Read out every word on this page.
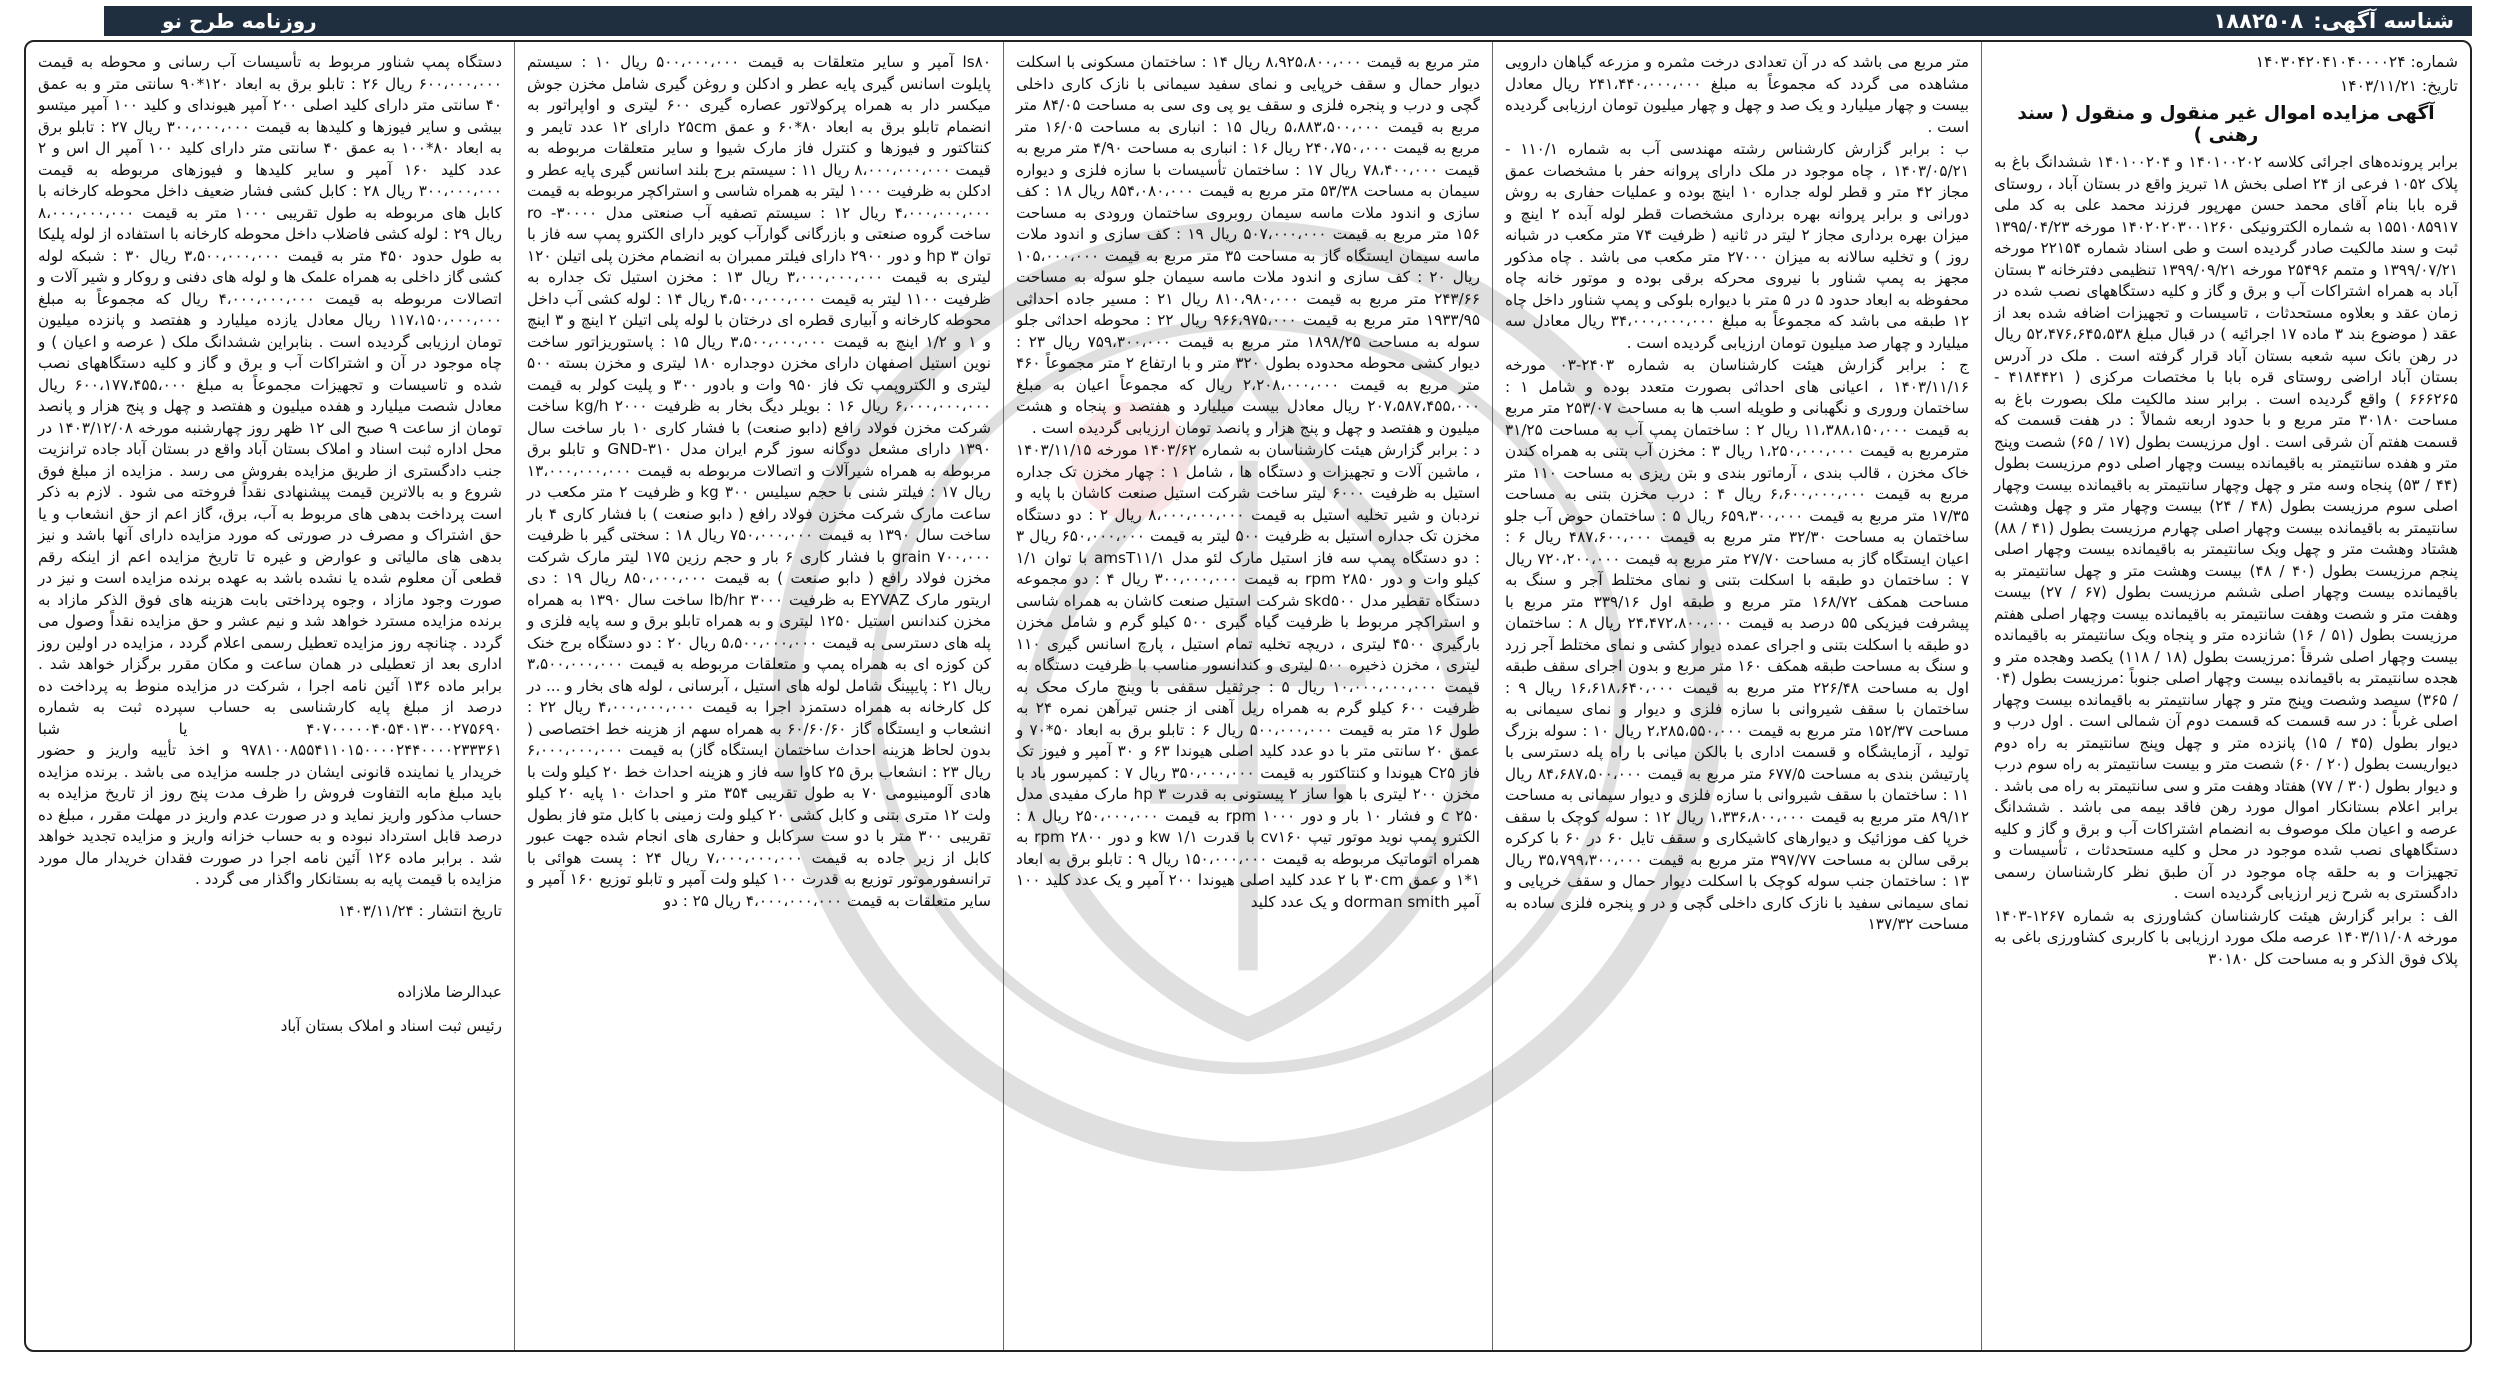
شناسه آگهی:
۱۸۸۲۵۰۸
روزنامه طرح نو
شماره: ۱۴۰۳۰۴۲۰۴۱۰۴۰۰۰۰۲۴
تاریخ: ۱۴۰۳/۱۱/۲۱
آگهی مزایده اموال غیر منقول و منقول ( سند رهنی )

برابر پرونده‌های اجرائی کلاسه ۱۴۰۱۰۰۲۰۲ و ۱۴۰۱۰۰۲۰۴ ششدانگ باغ به پلاک ۱۰۵۲ فرعی از ۲۴ اصلی بخش ۱۸ تبریز واقع در بستان آباد ، روستای قره بابا بنام آقای محمد حسن مهرپور فرزند محمد علی به کد ملی ۱۵۵۱۰۸۵۹۱۷ به شماره الکترونیکی ۱۴۰۲۰۲۰۳۰۰۱۲۶۰ مورخه ۱۳۹۵/۰۴/۲۳ ثبت و سند مالکیت صادر گردیده است و طی اسناد شماره ۲۲۱۵۴ مورخه ۱۳۹۹/۰۷/۲۱ و متمم ۲۵۴۹۶ مورخه ۱۳۹۹/۰۹/۲۱ تنظیمی دفترخانه ۳ بستان آباد به همراه اشتراکات آب و برق و گاز و کلیه دستگاههای نصب شده در زمان عقد و بعلاوه مستحدثات ، تاسیسات و تجهیزات اضافه شده بعد از عقد ( موضوع بند ۳ ماده ۱۷ اجرائیه ) در قبال مبلغ ۵۲،۴۷۶،۶۴۵،۵۳۸ ریال در رهن بانک سپه شعبه بستان آباد قرار گرفته است . ملک در آدرس بستان آباد اراضی روستای قره بابا با مختصات مرکزی ( ۴۱۸۴۴۲۱ - ۶۶۶۲۶۵ ) واقع گردیده است . برابر سند مالکیت ملک بصورت باغ به مساحت ۳۰۱۸۰ متر مربع و با حدود اربعه شمالاً : در هفت قسمت که قسمت هفتم آن شرقی است . اول مرزیست بطول (۱۷ / ۶۵) شصت وپنج متر و هفده سانتیمتر به باقیمانده بیست وچهار اصلی دوم مرزیست بطول (۴۴ / ۵۳) پنجاه وسه متر و چهل وچهار سانتیمتر به باقیمانده بیست وچهار اصلی سوم مرزیست بطول (۴۸ / ۲۴) بیست وچهار متر و چهل وهشت سانتیمتر به باقیمانده بیست وچهار اصلی چهارم مرزیست بطول (۴۱ / ۸۸) هشتاد وهشت متر و چهل ویک سانتیمتر به باقیمانده بیست وچهار اصلی پنجم مرزیست بطول (۴۰ / ۴۸) بیست وهشت متر و چهل سانتیمتر به باقیمانده بیست وچهار اصلی ششم مرزیست بطول (۶۷ / ۲۷) بیست وهفت متر و شصت وهفت سانتیمتر به باقیمانده بیست وچهار اصلی هفتم مرزیست بطول (۵۱ / ۱۶) شانزده متر و پنجاه ویک سانتیمتر به باقیمانده بیست وچهار اصلی شرقاً :مرزیست بطول (۱۸ / ۱۱۸) یکصد وهجده متر و هجده سانتیمتر به باقیمانده بیست وچهار اصلی جنوباً :مرزیست بطول (۰۴ / ۳۶۵) سیصد وشصت وپنج متر و چهار سانتیمتر به باقیمانده بیست وچهار اصلی غرباً : در سه قسمت که قسمت دوم آن شمالی است . اول درب و دیوار بطول (۴۵ / ۱۵) پانزده متر و چهل وپنج سانتیمتر به راه دوم دیواریست بطول (۲۰ / ۶۰) شصت متر و بیست سانتیمتر به راه سوم درب و دیوار بطول (۳۰ / ۷۷) هفتاد وهفت متر و سی سانتیمتر به راه می باشد . برابر اعلام بستانکار اموال مورد رهن فاقد بیمه می باشد . ششدانگ عرصه و اعیان ملک موصوف به انضمام اشتراکات آب و برق و گاز و کلیه دستگاههای نصب شده موجود در محل و کلیه مستحدثات ، تأسیسات و تجهیزات و به حلقه چاه موجود در آن طبق نظر کارشناسان رسمی دادگستری به شرح زیر ارزیابی گردیده است .

الف : برابر گزارش هیئت کارشناسان کشاورزی به شماره ۱۲۶۷-۱۴۰۳ مورخه ۱۴۰۳/۱۱/۰۸ عرصه ملک مورد ارزیابی با کاربری کشاورزی باغی به پلاک فوق الذکر و به مساحت کل ۳۰۱۸۰

متر مربع می باشد که در آن تعدادی درخت مثمره و مزرعه گیاهان دارویی مشاهده می گردد که مجموعاً به مبلغ ۲۴۱،۴۴۰،۰۰۰،۰۰۰ ریال معادل بیست و چهار میلیارد و یک صد و چهل و چهار میلیون تومان ارزیابی گردیده است .

ب : برابر گزارش کارشناس رشته مهندسی آب به شماره ۱۱۰/۱ - ۱۴۰۳/۰۵/۲۱ ، چاه موجود در ملک دارای پروانه حفر با مشخصات عمق مجاز ۴۲ متر و قطر لوله جداره ۱۰ اینچ بوده و عملیات حفاری به روش دورانی و برابر پروانه بهره برداری مشخصات قطر لوله آبده ۲ اینچ و میزان بهره برداری مجاز ۲ لیتر در ثانیه ( ظرفیت ۷۴ متر مکعب در شبانه روز ) و تخلیه سالانه به میزان ۲۷۰۰۰ متر مکعب می باشد . چاه مذکور مجهز به پمپ شناور با نیروی محرکه برقی بوده و موتور خانه چاه محفوظه به ابعاد حدود ۵ در ۵ متر با دیواره بلوکی و پمپ شناور داخل چاه ۱۲ طبقه می باشد که مجموعاً به مبلغ ۳۴،۰۰۰،۰۰۰،۰۰۰ ریال معادل سه میلیارد و چهار صد میلیون تومان ارزیابی گردیده است .

ج : برابر گزارش هیئت کارشناسان به شماره ۲۴۰۳-۰۳ مورخه ۱۴۰۳/۱۱/۱۶ ، اعیانی های احداثی بصورت متعدد بوده و شامل ۱ : ساختمان وروری و نگهبانی و طویله اسب ها به مساحت ۲۵۳/۰۷ متر مربع به قیمت ۱۱،۳۸۸،۱۵۰،۰۰۰ ریال ۲ : ساختمان پمپ آب به مساحت ۳۱/۲۵ مترمربع به قیمت ۱،۲۵۰،۰۰۰،۰۰۰ ریال ۳ : مخزن آب بتنی به همراه کندن خاک مخزن ، قالب بندی ، آرماتور بندی و بتن ریزی به مساحت ۱۱۰ متر مربع به قیمت ۶،۶۰۰،۰۰۰،۰۰۰ ریال ۴ : درب مخزن بتنی به مساحت ۱۷/۳۵ متر مربع به قیمت ۶۵۹،۳۰۰،۰۰۰ ریال ۵ : ساختمان حوض آب جلو ساختمان به مساحت ۳۲/۳۰ متر مربع به قیمت ۴۸۷،۶۰۰،۰۰۰ ریال ۶ : اعیان ایستگاه گاز به مساحت ۲۷/۷۰ متر مربع به قیمت ۷۲۰،۲۰۰،۰۰۰ ریال ۷ : ساختمان دو طبقه با اسکلت بتنی و نمای مختلط آجر و سنگ به مساحت همکف ۱۶۸/۷۲ متر مربع و طبقه اول ۳۳۹/۱۶ متر مربع با پیشرفت فیزیکی ۵۵ درصد به قیمت ۲۴،۴۷۲،۸۰۰،۰۰۰ ریال ۸ : ساختمان دو طبقه با اسکلت بتنی و اجرای عمده دیوار کشی و نمای مختلط آجر زرد و سنگ به مساحت طبقه همکف ۱۶۰ متر مربع و بدون اجرای سقف طبقه اول به مساحت ۲۲۶/۴۸ متر مربع به قیمت ۱۶،۶۱۸،۶۴۰،۰۰۰ ریال ۹ : ساختمان با سقف شیروانی با سازه فلزی و دیوار و نمای سیمانی به مساحت ۱۵۲/۳۷ متر مربع به قیمت ۲،۲۸۵،۵۵۰،۰۰۰ ریال ۱۰ : سوله بزرگ تولید ، آزمایشگاه و قسمت اداری با بالکن میانی با راه پله دسترسی با پارتیشن بندی به مساحت ۶۷۷/۵ متر مربع به قیمت ۸۴،۶۸۷،۵۰۰،۰۰۰ ریال ۱۱ : ساختمان با سقف شیروانی با سازه فلزی و دیوار سیمانی به مساحت ۸۹/۱۲ متر مربع به قیمت ۱،۳۳۶،۸۰۰،۰۰۰ ریال ۱۲ : سوله کوچک با سقف خرپا کف موزائیک و دیوارهای کاشیکاری و سقف تایل ۶۰ در ۶۰ با کرکره برقی سالن به مساحت ۳۹۷/۷۷ متر مربع به قیمت ۳۵،۷۹۹،۳۰۰،۰۰۰ ریال ۱۳ : ساختمان جنب سوله کوچک با اسکلت دیوار حمال و سقف خرپایی و نمای سیمانی سفید با نازک کاری داخلی گچی و در و پنجره فلزی ساده به مساحت ۱۳۷/۳۲

متر مربع به قیمت ۸،۹۲۵،۸۰۰،۰۰۰ ریال ۱۴ : ساختمان مسکونی با اسکلت دیوار حمال و سقف خرپایی و نمای سفید سیمانی با نازک کاری داخلی گچی و درب و پنجره فلزی و سقف یو پی وی سی به مساحت ۸۴/۰۵ متر مربع به قیمت ۵،۸۸۳،۵۰۰،۰۰۰ ریال ۱۵ : انباری به مساحت ۱۶/۰۵ متر مربع به قیمت ۲۴۰،۷۵۰،۰۰۰ ریال ۱۶ : انباری به مساحت ۴/۹۰ متر مربع به قیمت ۷۸،۴۰۰،۰۰۰ ریال ۱۷ : ساختمان تأسیسات با سازه فلزی و دیواره سیمان به مساحت ۵۳/۳۸ متر مربع به قیمت ۸۵۴،۰۸۰،۰۰۰ ریال ۱۸ : کف سازی و اندود ملات ماسه سیمان روبروی ساختمان ورودی به مساحت ۱۵۶ متر مربع به قیمت ۵۰۷،۰۰۰،۰۰۰ ریال ۱۹ : کف سازی و اندود ملات ماسه سیمان ایستگاه گاز به مساحت ۳۵ متر مربع به قیمت ۱۰۵،۰۰۰،۰۰۰ ریال ۲۰ : کف سازی و اندود ملات ماسه سیمان جلو سوله به مساحت ۲۴۳/۶۶ متر مربع به قیمت ۸۱۰،۹۸۰،۰۰۰ ریال ۲۱ : مسیر جاده احداثی ۱۹۳۳/۹۵ متر مربع به قیمت ۹۶۶،۹۷۵،۰۰۰ ریال ۲۲ : محوطه احداثی جلو سوله به مساحت ۱۸۹۸/۲۵ متر مربع به قیمت ۷۵۹،۳۰۰،۰۰۰ ریال ۲۳ : دیوار کشی محوطه محدوده بطول ۳۲۰ متر و با ارتفاع ۲ متر مجموعاً ۴۶۰ متر مربع به قیمت ۲،۲۰۸،۰۰۰،۰۰۰ ریال که مجموعاً اعیان به مبلغ ۲۰۷،۵۸۷،۴۵۵،۰۰۰ ریال معادل بیست میلیارد و هفتصد و پنجاه و هشت میلیون و هفتصد و چهل و پنج هزار و پانصد تومان ارزیابی گردیده است .

د : برابر گزارش هیئت کارشناسان به شماره ۱۴۰۳/۶۲ مورخه ۱۴۰۳/۱۱/۱۵ ، ماشین آلات و تجهیزات و دستگاه ها ، شامل ۱ : چهار مخزن تک جداره استیل به ظرفیت ۶۰۰۰ لیتر ساخت شرکت استیل صنعت کاشان با پایه و نردبان و شیر تخلیه استیل به قیمت ۸،۰۰۰،۰۰۰،۰۰۰ ریال ۲ : دو دستگاه مخزن تک جداره استیل به ظرفیت ۵۰۰ لیتر به قیمت ۶۵۰،۰۰۰،۰۰۰ ریال ۳ : دو دستگاه پمپ سه فاز استیل مارک لئو مدل amsT۱۱/۱ با توان ۱/۱ کیلو وات و دور ۲۸۵۰ rpm به قیمت ۳۰۰،۰۰۰،۰۰۰ ریال ۴ : دو مجموعه دستگاه تقطیر مدل skd۵۰۰ شرکت استیل صنعت کاشان به همراه شاسی و استراکچر مربوط با ظرفیت گیاه گیری ۵۰۰ کیلو گرم و شامل مخزن بارگیری ۴۵۰۰ لیتری ، دریچه تخلیه تمام استیل ، پارچ اسانس گیری ۱۱۰ لیتری ، مخزن ذخیره ۵۰۰ لیتری و کندانسور مناسب با ظرفیت دستگاه به قیمت ۱۰،۰۰۰،۰۰۰،۰۰۰ ریال ۵ : جرثقیل سقفی با وینچ مارک محک به ظرفیت ۶۰۰ کیلو گرم به همراه ریل آهنی از جنس تیرآهن نمره ۲۴ به طول ۱۶ متر به قیمت ۵۰۰،۰۰۰،۰۰۰ ریال ۶ : تابلو برق به ابعاد ۵۰*۷۰ و عمق ۲۰ سانتی متر با دو عدد کلید اصلی هیوندا ۶۳ و ۳۰ آمپر و فیوز تک فاز C۲۵ هیوندا و کنتاکتور به قیمت ۳۵۰،۰۰۰،۰۰۰ ریال ۷ : کمپرسور باد با مخزن ۲۰۰ لیتری با هوا ساز ۲ پیستونی به قدرت hp ۳ مارک مفیدی مدل ۲۵۰ c و فشار ۱۰ بار و دور ۱۰۰۰ rpm به قیمت ۲۵۰،۰۰۰،۰۰۰ ریال ۸ : الکترو پمپ نوید موتور تیپ cv۱۶۰ با قدرت ۱/۱ kw و دور ۲۸۰۰ rpm به همراه اتوماتیک مربوطه به قیمت ۱۵۰،۰۰۰،۰۰۰ ریال ۹ : تابلو برق به ابعاد ۱*۱ و عمق ۳۰cm با ۲ عدد کلید اصلی هیوندا ۲۰۰ آمپر و یک عدد کلید ۱۰۰ آمپر dorman smith و یک عدد کلید

ls۸۰ آمپر و سایر متعلقات به قیمت ۵۰۰،۰۰۰،۰۰۰ ریال ۱۰ : سیستم پایلوت اسانس گیری پایه عطر و ادکلن و روغن گیری شامل مخزن جوش میکسر دار به همراه پرکولاتور عصاره گیری ۶۰۰ لیتری و اواپراتور به انضمام تابلو برق به ابعاد ۸۰*۶۰ و عمق ۲۵cm دارای ۱۲ عدد تایمر و کنتاکتور و فیوزها و کنترل فاز مارک شیوا و سایر متعلقات مربوطه به قیمت ۸،۰۰۰،۰۰۰،۰۰۰ ریال ۱۱ : سیستم برج بلند اسانس گیری پایه عطر و ادکلن به ظرفیت ۱۰۰۰ لیتر به همراه شاسی و استراکچر مربوطه به قیمت ۴،۰۰۰،۰۰۰،۰۰۰ ریال ۱۲ : سیستم تصفیه آب صنعتی مدل ۳۰۰۰۰- ro ساخت گروه صنعتی و بازرگانی گوارآب کویر دارای الکترو پمپ سه فاز با توان ۳ hp و دور ۲۹۰۰ دارای فیلتر ممبران به انضمام مخزن پلی اتیلن ۱۲۰ لیتری به قیمت ۳،۰۰۰،۰۰۰،۰۰۰ ریال ۱۳ : مخزن استیل تک جداره به ظرفیت ۱۱۰۰ لیتر به قیمت ۴،۵۰۰،۰۰۰،۰۰۰ ریال ۱۴ : لوله کشی آب داخل محوطه کارخانه و آبیاری قطره ای درختان با لوله پلی اتیلن ۲ اینچ و ۳ اینچ و ۱ و ۱/۲ اینچ به قیمت ۳،۵۰۰،۰۰۰،۰۰۰ ریال ۱۵ : پاستوریزاتور ساخت نوین استیل اصفهان دارای مخزن دوجداره ۱۸۰ لیتری و مخزن بسته ۵۰۰ لیتری و الکتروپمپ تک فاز ۹۵۰ وات و بادور ۳۰۰ و پلیت کولر به قیمت ۶،۰۰۰،۰۰۰،۰۰۰ ریال ۱۶ : بویلر دیگ بخار به ظرفیت ۲۰۰۰ kg/h ساخت شرکت مخزن فولاد رافع (دابو صنعت) با فشار کاری ۱۰ بار ساخت سال ۱۳۹۰ دارای مشعل دوگانه سوز گرم ایران مدل GND-۳۱۰ و تابلو برق مربوطه به همراه شیرآلات و اتصالات مربوطه به قیمت ۱۳،۰۰۰،۰۰۰،۰۰۰ ریال ۱۷ : فیلتر شنی با حجم سیلیس ۳۰۰ kg و ظرفیت ۲ متر مکعب در ساعت مارک شرکت مخزن فولاد رافع ( دابو صنعت ) با فشار کاری ۴ بار ساخت سال ۱۳۹۰ به قیمت ۷۵۰،۰۰۰،۰۰۰ ریال ۱۸ : سختی گیر با ظرفیت grain ۷۰۰،۰۰۰ با فشار کاری ۶ بار و حجم رزین ۱۷۵ لیتر مارک شرکت مخزن فولاد رافع ( دابو صنعت ) به قیمت ۸۵۰،۰۰۰،۰۰۰ ریال ۱۹ : دی اریتور مارک EYVAZ به ظرفیت ۳۰۰۰ lb/hr ساخت سال ۱۳۹۰ به همراه مخزن کندانس استیل ۱۲۵۰ لیتری و به همراه تابلو برق و سه پایه فلزی و پله های دسترسی به قیمت ۵،۵۰۰،۰۰۰،۰۰۰ ریال ۲۰ : دو دستگاه برج خنک کن کوزه ای به همراه پمپ و متعلقات مربوطه به قیمت ۳،۵۰۰،۰۰۰،۰۰۰ ریال ۲۱ : پایپینگ شامل لوله های استیل ، آبرسانی ، لوله های بخار و ... در کل کارخانه به همراه دستمزد اجرا به قیمت ۴،۰۰۰،۰۰۰،۰۰۰ ریال ۲۲ : انشعاب و ایستگاه گاز ۶۰/۶۰/۶۰ به همراه سهم از هزینه خط اختصاصی ( بدون لحاظ هزینه احداث ساختمان ایستگاه گاز) به قیمت ۶،۰۰۰،۰۰۰،۰۰۰ ریال ۲۳ : انشعاب برق ۲۵ کاوا سه فاز و هزینه احداث خط ۲۰ کیلو ولت با هادی آلومینیومی ۷۰ به طول تقریبی ۳۵۴ متر و احداث ۱۰ پایه ۲۰ کیلو ولت ۱۲ متری بتنی و کابل کشی ۲۰ کیلو ولت زمینی با کابل متو فاز بطول تقریبی ۳۰۰ متر با دو ست سرکابل و حفاری های انجام شده جهت عبور کابل از زیر جاده به قیمت ۷،۰۰۰،۰۰۰،۰۰۰ ریال ۲۴ : پست هوائی با ترانسفورموتور توزیع به قدرت ۱۰۰ کیلو ولت آمپر و تابلو توزیع ۱۶۰ آمپر و سایر متعلقات به قیمت ۴،۰۰۰،۰۰۰،۰۰۰ ریال ۲۵ : دو

دستگاه پمپ شناور مربوط به تأسیسات آب رسانی و محوطه به قیمت ۶۰۰،۰۰۰،۰۰۰ ریال ۲۶ : تابلو برق به ابعاد ۱۲۰*۹۰ سانتی متر و به عمق ۴۰ سانتی متر دارای کلید اصلی ۲۰۰ آمپر هیوندای و کلید ۱۰۰ آمپر میتسو بیشی و سایر فیوزها و کلیدها به قیمت ۳۰۰،۰۰۰،۰۰۰ ریال ۲۷ : تابلو برق به ابعاد ۸۰*۱۰۰ به عمق ۴۰ سانتی متر دارای کلید ۱۰۰ آمپر ال اس و ۲ عدد کلید ۱۶۰ آمپر و سایر کلیدها و فیوزهای مربوطه به قیمت ۳۰۰،۰۰۰،۰۰۰ ریال ۲۸ : کابل کشی فشار ضعیف داخل محوطه کارخانه با کابل های مربوطه به طول تقریبی ۱۰۰۰ متر به قیمت ۸،۰۰۰،۰۰۰،۰۰۰ ریال ۲۹ : لوله کشی فاضلاب داخل محوطه کارخانه با استفاده از لوله پلیکا به طول حدود ۴۵۰ متر به قیمت ۳،۵۰۰،۰۰۰،۰۰۰ ریال ۳۰ : شبکه لوله کشی گاز داخلی به همراه علمک ها و لوله های دفنی و روکار و شیر آلات و اتصالات مربوطه به قیمت ۴،۰۰۰،۰۰۰،۰۰۰ ریال که مجموعاً به مبلغ ۱۱۷،۱۵۰،۰۰۰،۰۰۰ ریال معادل یازده میلیارد و هفتصد و پانزده میلیون تومان ارزیابی گردیده است . بنابراین ششدانگ ملک ( عرصه و اعیان ) و چاه موجود در آن و اشتراکات آب و برق و گاز و کلیه دستگاههای نصب شده و تاسیسات و تجهیزات مجموعاً به مبلغ ۶۰۰،۱۷۷،۴۵۵،۰۰۰ ریال معادل شصت میلیارد و هفده میلیون و هفتصد و چهل و پنج هزار و پانصد تومان از ساعت ۹ صبح الی ۱۲ ظهر روز چهارشنبه مورخه ۱۴۰۳/۱۲/۰۸ در محل اداره ثبت اسناد و املاک بستان آباد واقع در بستان آباد جاده ترانزیت جنب دادگستری از طریق مزایده بفروش می رسد . مزایده از مبلغ فوق شروع و به بالاترین قیمت پیشنهادی نقداً فروخته می شود . لازم به ذکر است پرداخت بدهی های مربوط به آب، برق، گاز اعم از حق انشعاب و یا حق اشتراک و مصرف در صورتی که مورد مزایده دارای آنها باشد و نیز بدهی های مالیاتی و عوارض و غیره تا تاریخ مزایده اعم از اینکه رقم قطعی آن معلوم شده یا نشده باشد به عهده برنده مزایده است و نیز در صورت وجود مازاد ، وجوه پرداختی بابت هزینه های فوق الذکر مازاد به برنده مزایده مسترد خواهد شد و نیم عشر و حق مزایده نقداً وصول می گردد . چنانچه روز مزایده تعطیل رسمی اعلام گردد ، مزایده در اولین روز اداری بعد از تعطیلی در همان ساعت و مکان مقرر برگزار خواهد شد . برابر ماده ۱۳۶ آئین نامه اجرا ، شرکت در مزایده منوط به پرداخت ده درصد از مبلغ پایه کارشناسی به حساب سپرده ثبت به شماره ۴۰۷۰۰۰۰۰۴۰۵۴۰۱۳۰۰۰۲۷۵۶۹۰ یا شبا ۹۷۸۱۰۰۸۵۵۴۱۱۰۱۵۰۰۰۰۲۴۴۰۰۰۰۲۳۳۳۶۱ و اخذ تأییه واریز و حضور خریدار یا نماینده قانونی ایشان در جلسه مزایده می باشد . برنده مزایده باید مبلغ مابه التفاوت فروش را ظرف مدت پنج روز از تاریخ مزایده به حساب مذکور واریز نماید و در صورت عدم واریز در مهلت مقرر ، مبلغ ده درصد قابل استرداد نبوده و به حساب خزانه واریز و مزایده تجدید خواهد شد . برابر ماده ۱۲۶ آئین نامه اجرا در صورت فقدان خریدار مال مورد مزایده با قیمت پایه به بستانکار واگذار می گردد .

تاریخ انتشار : ۱۴۰۳/۱۱/۲۴
عبدالرضا ملازاده
رئیس ثبت اسناد و املاک بستان آباد
